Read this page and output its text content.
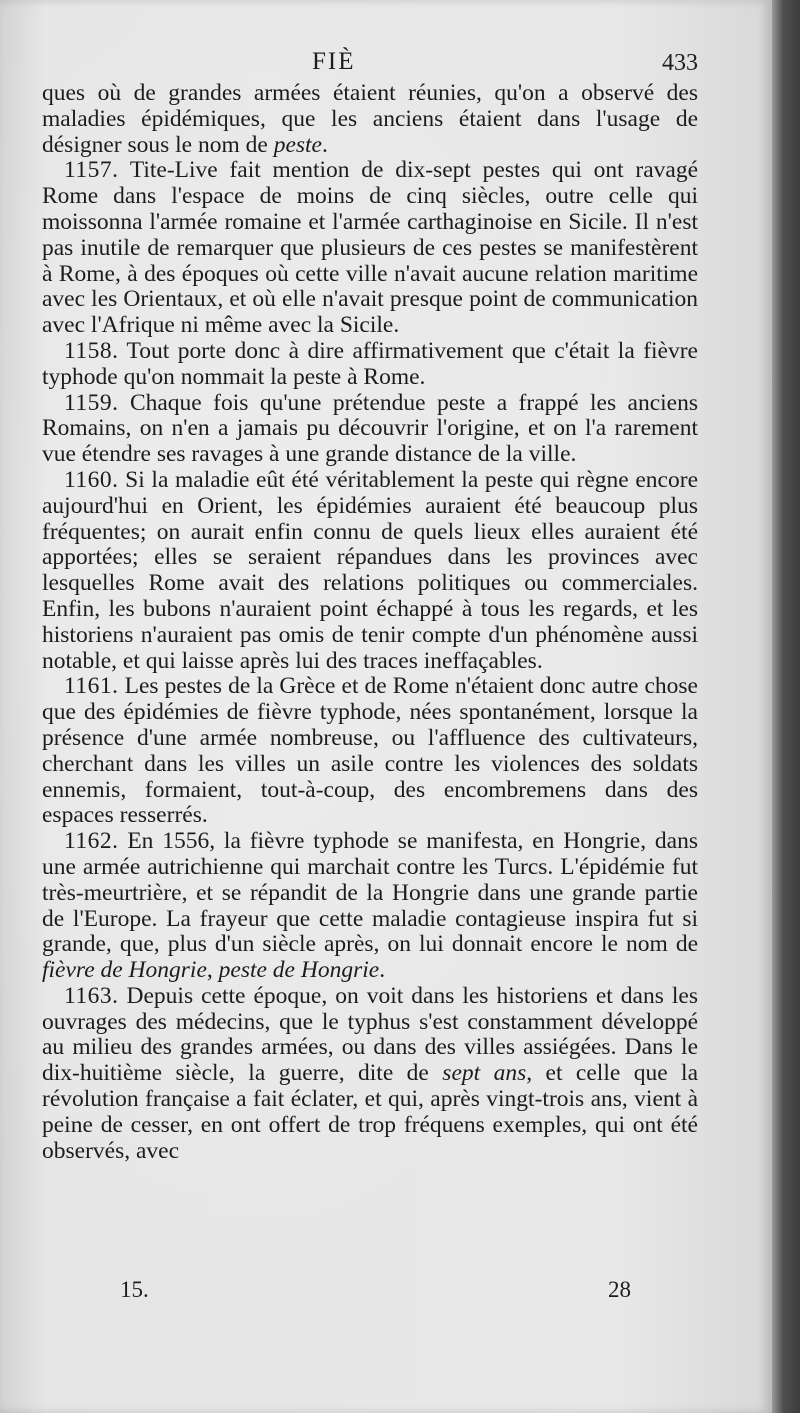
FIÈ	433

ques où de grandes armées étaient réunies, qu'on a observé des maladies épidémiques, que les anciens étaient dans l'usage de désigner sous le nom de peste.

1157. Tite-Live fait mention de dix-sept pestes qui ont ravagé Rome dans l'espace de moins de cinq siècles, outre celle qui moissonna l'armée romaine et l'armée carthaginoise en Sicile. Il n'est pas inutile de remarquer que plusieurs de ces pestes se manifestèrent à Rome, à des époques où cette ville n'avait aucune relation maritime avec les Orientaux, et où elle n'avait presque point de communication avec l'Afrique ni même avec la Sicile.

1158. Tout porte donc à dire affirmativement que c'était la fièvre typhode qu'on nommait la peste à Rome.

1159. Chaque fois qu'une prétendue peste a frappé les anciens Romains, on n'en a jamais pu découvrir l'origine, et on l'a rarement vue étendre ses ravages à une grande distance de la ville.

1160. Si la maladie eût été véritablement la peste qui règne encore aujourd'hui en Orient, les épidémies auraient été beaucoup plus fréquentes; on aurait enfin connu de quels lieux elles auraient été apportées; elles se seraient répandues dans les provinces avec lesquelles Rome avait des relations politiques ou commerciales. Enfin, les bubons n'auraient point échappé à tous les regards, et les historiens n'auraient pas omis de tenir compte d'un phénomène aussi notable, et qui laisse après lui des traces ineffaçables.

1161. Les pestes de la Grèce et de Rome n'étaient donc autre chose que des épidémies de fièvre typhode, nées spontanément, lorsque la présence d'une armée nombreuse, ou l'affluence des cultivateurs, cherchant dans les villes un asile contre les violences des soldats ennemis, formaient, tout-à-coup, des encombremens dans des espaces resserrés.

1162. En 1556, la fièvre typhode se manifesta, en Hongrie, dans une armée autrichienne qui marchait contre les Turcs. L'épidémie fut très-meurtrière, et se répandit de la Hongrie dans une grande partie de l'Europe. La frayeur que cette maladie contagieuse inspira fut si grande, que, plus d'un siècle après, on lui donnait encore le nom de fièvre de Hongrie, peste de Hongrie.

1163. Depuis cette époque, on voit dans les historiens et dans les ouvrages des médecins, que le typhus s'est constamment développé au milieu des grandes armées, ou dans des villes assiégées. Dans le dix-huitième siècle, la guerre, dite de sept ans, et celle que la révolution française a fait éclater, et qui, après vingt-trois ans, vient à peine de cesser, en ont offert de trop fréquens exemples, qui ont été observés, avec

15.	28
